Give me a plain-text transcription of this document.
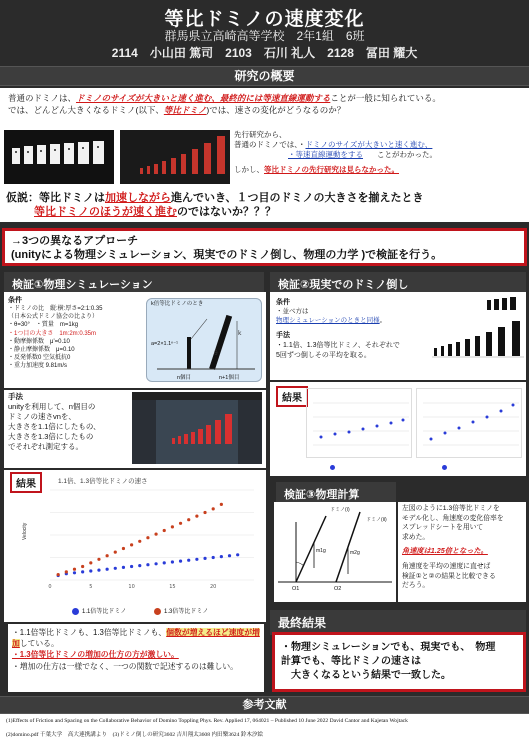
等比ドミノの速度変化
群馬県立高崎高等学校　2年1組　6班
2114　小山田 篤司　2103　石川 礼人　2128　冨田 耀大
研究の概要
普通のドミノは、ドミノのサイズが大きいと速く進む、最終的には等速直線運動することが一般に知られている。
では、どんどん大きくなるドミノ(以下、等比ドミノ)では、速さの変化がどうなるのか？
先行研究から、
普通のドミノでは、・ドミノのサイズが大きいと速く進む、
・等速直線運動をする ことがわかった。
しかし、等比ドミノの先行研究は見らなかった。
仮説：等比ドミノは加速しながら進んでいき、１つ目のドミノの大きさを揃えたとき
等比ドミノのほうが速く進むのではないか？？？
→3つの異なるアプローチ
(unityによる物理シミュレーション、現実でのドミノ倒し、物理の力学 )で検証を行う。
検証①物理シミュレーション
条件
・ドミノの比　縦:横:厚さ=2:1:0.35
（日本公式ドミノ協会の比より）
・θ=30°　・質量　m=1kg
・1つ目の大きさ　1m:2m:0.35m
・動摩擦係数　μ'=0.10
・静止摩擦係数　μ=0.10
・反発係数0 空気抵抗0
・重力加速度 9.81m/s
θ
k
k倍等比ドミノのとき
a=2×1.1ⁿ⁻¹
n個目	n+1個目
手法
unityを利用して、n個目の
ドミノの速さvnを、
大きさを1.1倍にしたもの、
大きさを1.3倍にしたもの
でそれぞれ測定する。
結果	1.1倍、1.3倍等比ドミノの速さ
0	5	10	15	20
Velocity
1.1倍等比ドミノ	1.3倍等比ドミノ
・1.1倍等比ドミノも、1.3倍等比ドミノも、個数が増えるほど速度が増加している。
・1.3倍等比ドミノの増加の仕方の方が激しい。
・増加の仕方は一様でなく、一つの関数で記述するのは難しい。
検証②現実でのドミノ倒し
条件
・並べ方は
物理シミュレーションのときと同様。
手法
・1.1倍、1.3倍等比ドミノ、それぞれで
5回ずつ倒しその平均を取る。
結果
1.1倍等比ドミノ	1.3倍等比ドミノ
検証③物理計算
ドミノ(ⅰ)
ドミノ(ⅱ)
O1	O2
m1g	m2g
左図のように1.3倍等比ドミノを
モデル化し、角速度の変化倍率を
スプレッドシートを用いて
求めた。
角速度は1.25倍となった。
角速度を平均の速度に直せば
検証①と②の結果と比較できる
だろう。
最終結果
・物理シミュレーションでも、現実でも、　物理
計算でも、等比ドミノの速さは
大きくなるという結果で一致した。
参考文献
(1)Effects of Friction and Spacing on the Collaborative Behavior of Domino Toppling Phys. Rev. Applied 17, 064021 – Published 10 June 2022 David Cantor and Kajetan Wojtack
(2)domino.pdf 千葉大学　高大連携講より　(3)ドミノ倒しの研究3602 吉川翔太3608 内田樂3624 鈴木汐絵
